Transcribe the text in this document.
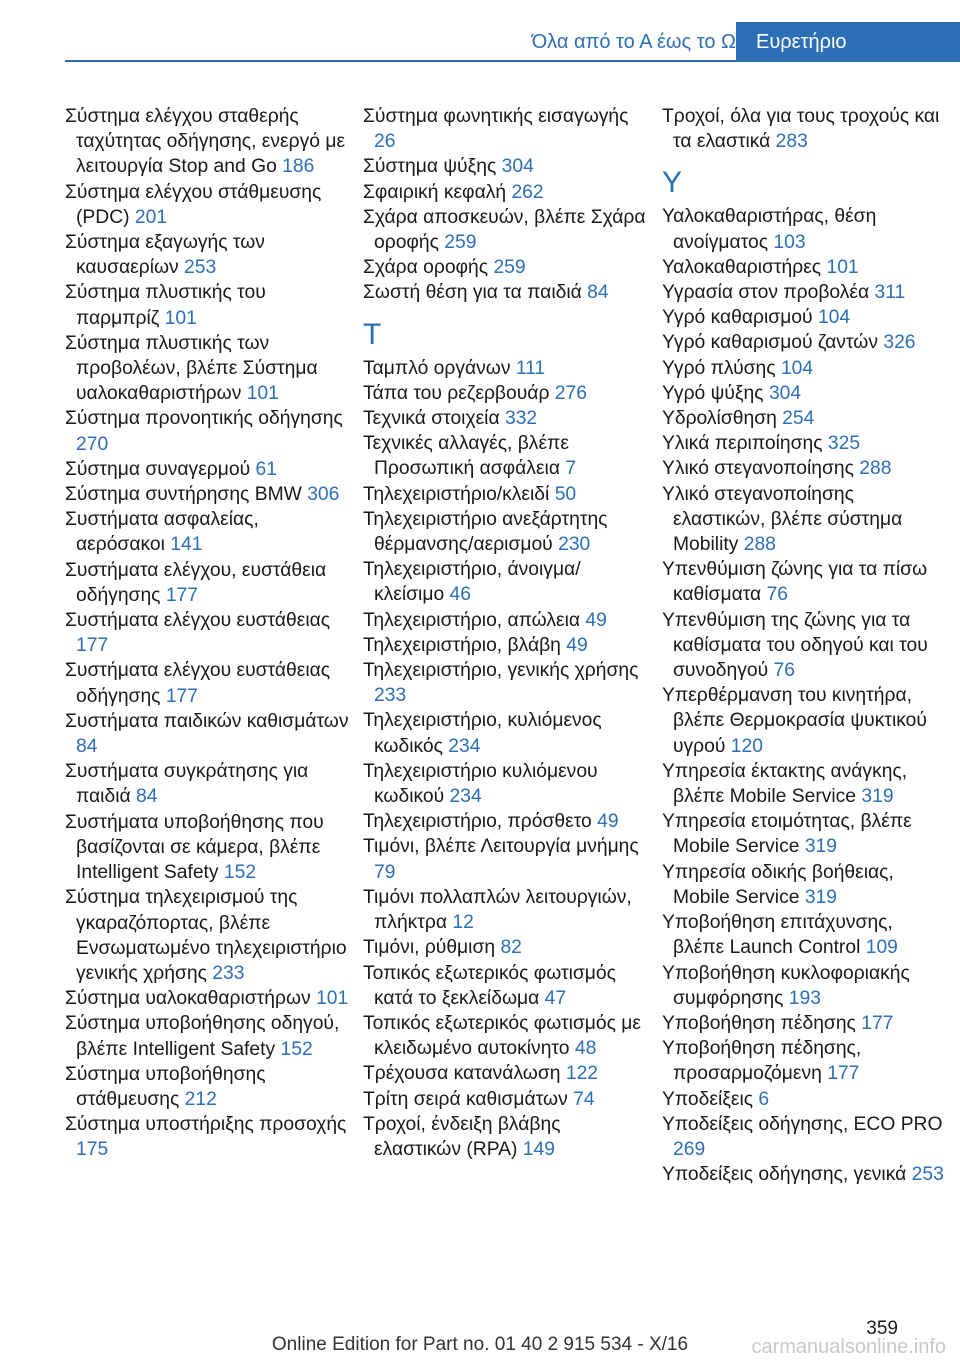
Όλα από το Α έως το Ω	Ευρετήριο
Σύστημα ελέγχου σταθερής ταχύτητας οδήγησης, ενεργό με λειτουργία Stop and Go 186
Σύστημα ελέγχου στάθμευσης (PDC) 201
Σύστημα εξαγωγής των καυσαερίων 253
Σύστημα πλυστικής του παρμπρίζ 101
Σύστημα πλυστικής των προβολέων, βλέπε Σύστημα υαλοκαθαριστήρων 101
Σύστημα προνοητικής οδήγησης 270
Σύστημα συναγερμού 61
Σύστημα συντήρησης BMW 306
Συστήματα ασφαλείας, αερόσακοι 141
Συστήματα ελέγχου, ευστάθεια οδήγησης 177
Συστήματα ελέγχου ευστάθειας 177
Συστήματα ελέγχου ευστάθειας οδήγησης 177
Συστήματα παιδικών καθισμάτων 84
Συστήματα συγκράτησης για παιδιά 84
Συστήματα υποβοήθησης που βασίζονται σε κάμερα, βλέπε Intelligent Safety 152
Σύστημα τηλεχειρισμού της γκαραζόπορτας, βλέπε Ενσωματωμένο τηλεχειριστήριο γενικής χρήσης 233
Σύστημα υαλοκαθαριστήρων 101
Σύστημα υποβοήθησης οδηγού, βλέπε Intelligent Safety 152
Σύστημα υποβοήθησης στάθμευσης 212
Σύστημα υποστήριξης προσοχής 175
Σύστημα φωνητικής εισαγωγής 26
Σύστημα ψύξης 304
Σφαιρική κεφαλή 262
Σχάρα αποσκευών, βλέπε Σχάρα οροφής 259
Σχάρα οροφής 259
Σωστή θέση για τα παιδιά 84
Τ
Ταμπλό οργάνων 111
Τάπα του ρεζερβουάρ 276
Τεχνικά στοιχεία 332
Τεχνικές αλλαγές, βλέπε Προσωπική ασφάλεια 7
Τηλεχειριστήριο/κλειδί 50
Τηλεχειριστήριο ανεξάρτητης θέρμανσης/αερισμού 230
Τηλεχειριστήριο, άνοιγμα/κλείσιμο 46
Τηλεχειριστήριο, απώλεια 49
Τηλεχειριστήριο, βλάβη 49
Τηλεχειριστήριο, γενικής χρήσης 233
Τηλεχειριστήριο, κυλιόμενος κωδικός 234
Τηλεχειριστήριο κυλιόμενου κωδικού 234
Τηλεχειριστήριο, πρόσθετο 49
Τιμόνι, βλέπε Λειτουργία μνήμης 79
Τιμόνι πολλαπλών λειτουργιών, πλήκτρα 12
Τιμόνι, ρύθμιση 82
Τοπικός εξωτερικός φωτισμός κατά το ξεκλείδωμα 47
Τοπικός εξωτερικός φωτισμός με κλειδωμένο αυτοκίνητο 48
Τρέχουσα κατανάλωση 122
Τρίτη σειρά καθισμάτων 74
Τροχοί, ένδειξη βλάβης ελαστικών (RPA) 149
Τροχοί, όλα για τους τροχούς και τα ελαστικά 283
Υ
Υαλοκαθαριστήρας, θέση ανοίγματος 103
Υαλοκαθαριστήρες 101
Υγρασία στον προβολέα 311
Υγρό καθαρισμού 104
Υγρό καθαρισμού ζαντών 326
Υγρό πλύσης 104
Υγρό ψύξης 304
Υδρολίσθηση 254
Υλικά περιποίησης 325
Υλικό στεγανοποίησης 288
Υλικό στεγανοποίησης ελαστικών, βλέπε σύστημα Mobility 288
Υπενθύμιση ζώνης για τα πίσω καθίσματα 76
Υπενθύμιση της ζώνης για τα καθίσματα του οδηγού και του συνοδηγού 76
Υπερθέρμανση του κινητήρα, βλέπε Θερμοκρασία ψυκτικού υγρού 120
Υπηρεσία έκτακτης ανάγκης, βλέπε Mobile Service 319
Υπηρεσία ετοιμότητας, βλέπε Mobile Service 319
Υπηρεσία οδικής βοήθειας, Mobile Service 319
Υποβοήθηση επιτάχυνσης, βλέπε Launch Control 109
Υποβοήθηση κυκλοφοριακής συμφόρησης 193
Υποβοήθηση πέδησης 177
Υποβοήθηση πέδησης, προσαρμοζόμενη 177
Υποδείξεις 6
Υποδείξεις οδήγησης, ECO PRO 269
Υποδείξεις οδήγησης, γενικά 253
359
Online Edition for Part no. 01 40 2 915 534 - X/16	carmanualsonline.info
